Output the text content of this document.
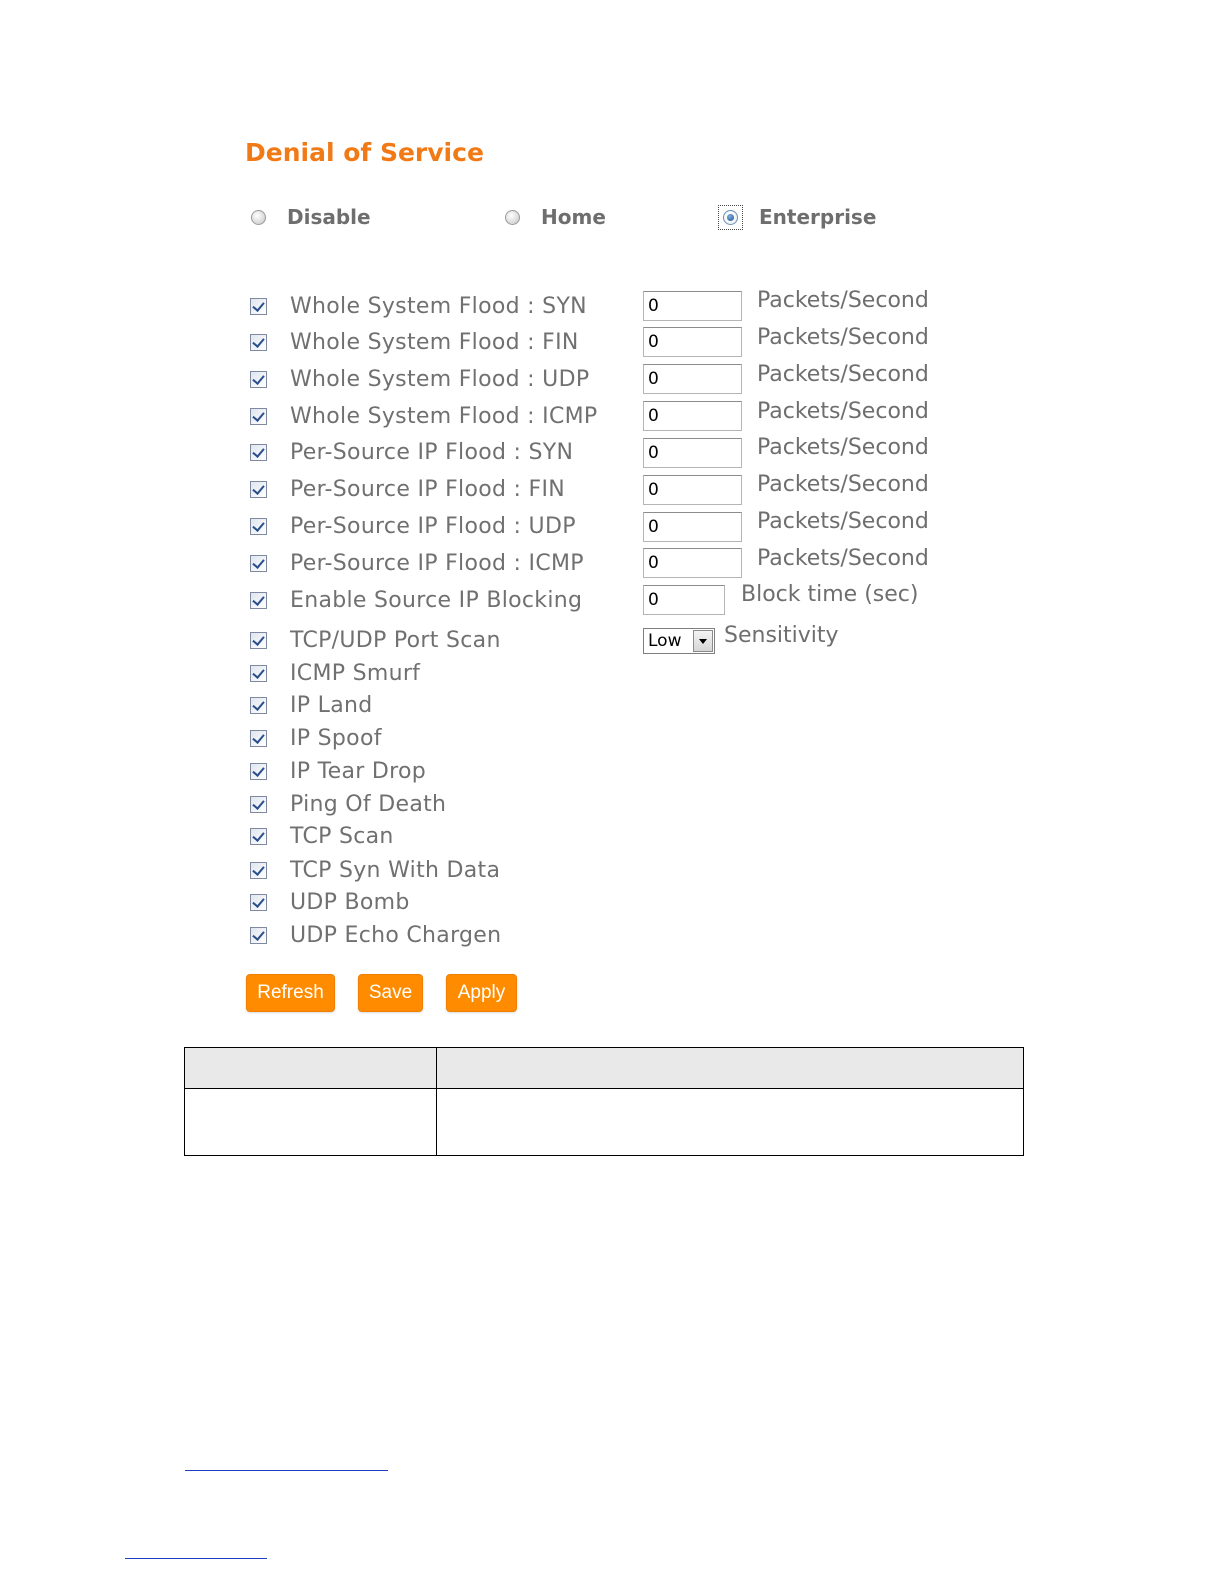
Denial of Service
Disable	Home	Enterprise
Whole System Flood : SYN	0	Packets/Second
Whole System Flood : FIN	0	Packets/Second
Whole System Flood : UDP	0	Packets/Second
Whole System Flood : ICMP	0	Packets/Second
Per-Source IP Flood : SYN	0	Packets/Second
Per-Source IP Flood : FIN	0	Packets/Second
Per-Source IP Flood : UDP	0	Packets/Second
Per-Source IP Flood : ICMP	0	Packets/Second
Enable Source IP Blocking	0	Block time (sec)
TCP/UDP Port Scan	Low	Sensitivity
ICMP Smurf
IP Land
IP Spoof
IP Tear Drop
Ping Of Death
TCP Scan
TCP Syn With Data
UDP Bomb
UDP Echo Chargen
Refresh	Save	Apply
